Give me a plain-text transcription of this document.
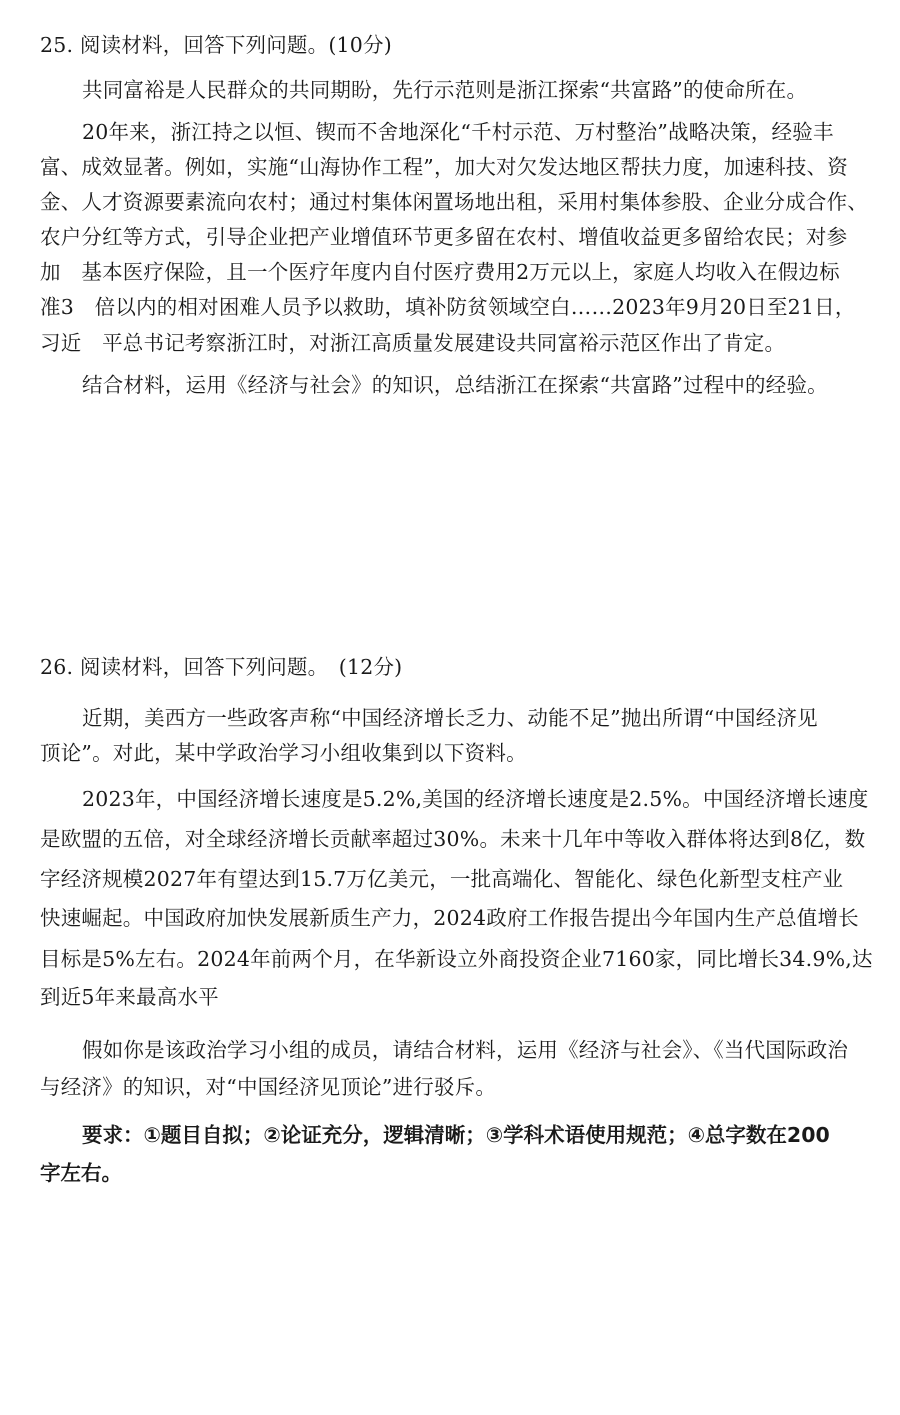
25. 阅读材料，回答下列问题。(10分)
共同富裕是人民群众的共同期盼，先行示范则是浙江探索“共富路”的使命所在。
20年来，浙江持之以恒、锲而不舍地深化“千村示范、万村整治”战略决策，经验丰
富、成效显著。例如，实施“山海协作工程”，加大对欠发达地区帮扶力度，加速科技、资
金、人才资源要素流向农村；通过村集体闲置场地出租，采用村集体参股、企业分成合作、
农户分红等方式，引导企业把产业增值环节更多留在农村、增值收益更多留给农民；对参
加　基本医疗保险，且一个医疗年度内自付医疗费用2万元以上，家庭人均收入在假边标
准3　倍以内的相对困难人员予以救助，填补防贫领域空白……2023年9月20日至21日，
习近　平总书记考察浙江时，对浙江高质量发展建设共同富裕示范区作出了肯定。
结合材料，运用《经济与社会》的知识，总结浙江在探索“共富路”过程中的经验。
26. 阅读材料，回答下列问题。　(12分)
近期，美西方一些政客声称“中国经济增长乏力、动能不足”抛出所谓“中国经济见
顶论”。对此，某中学政治学习小组收集到以下资料。
2023年，中国经济增长速度是5.2%,美国的经济增长速度是2.5%。中国经济增长速度
是欧盟的五倍，对全球经济增长贡献率超过30%。未来十几年中等收入群体将达到8亿，数
字经济规模2027年有望达到15.7万亿美元，一批高端化、智能化、绿色化新型支柱产业
快速崛起。中国政府加快发展新质生产力，2024政府工作报告提出今年国内生产总值增长
目标是5%左右。2024年前两个月，在华新设立外商投资企业7160家，同比增长34.9%,达
到近5年来最高水平
假如你是该政治学习小组的成员，请结合材料，运用《经济与社会》、《当代国际政治
与经济》的知识，对“中国经济见顶论”进行驳斥。
要求：①题目自拟；②论证充分，逻辑清晰；③学科术语使用规范；④总字数在200
字左右。
